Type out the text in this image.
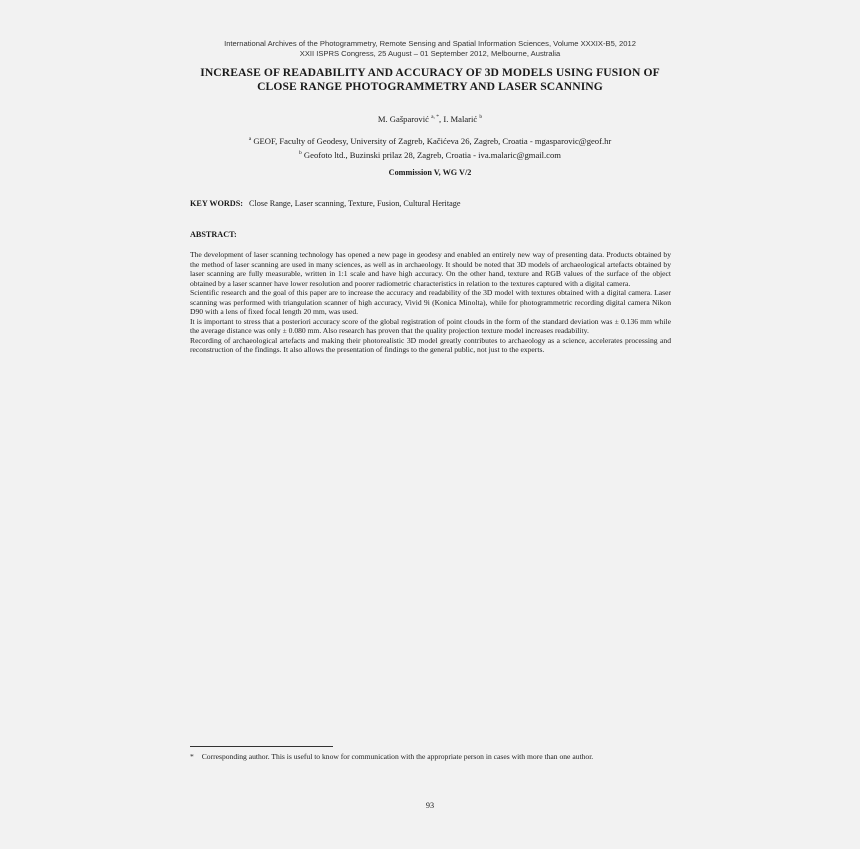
International Archives of the Photogrammetry, Remote Sensing and Spatial Information Sciences, Volume XXXIX-B5, 2012
XXII ISPRS Congress, 25 August – 01 September 2012, Melbourne, Australia
INCREASE OF READABILITY AND ACCURACY OF 3D MODELS USING FUSION OF
CLOSE RANGE PHOTOGRAMMETRY AND LASER SCANNING
M. Gašparović $^{a, *}$, I. Malarić $^b$
$^a$ GEOF, Faculty of Geodesy, University of Zagreb, Kačićeva 26, Zagreb, Croatia - mgasparovic@geof.hr
$^b$ Geofoto ltd., Buzinski prilaz 28, Zagreb, Croatia - iva.malaric@gmail.com
Commission V, WG V/2
KEY WORDS: Close Range, Laser scanning, Texture, Fusion, Cultural Heritage
ABSTRACT:

The development of laser scanning technology has opened a new page in geodesy and enabled an entirely new way of presenting data. Products obtained by the method of laser scanning are used in many sciences, as well as in archaeology. It should be noted that 3D models of archaeological artefacts obtained by laser scanning are fully measurable, written in 1:1 scale and have high accuracy. On the other hand, texture and RGB values of the surface of the object obtained by a laser scanner have lower resolution and poorer radiometric characteristics in relation to the textures captured with a digital camera.

Scientific research and the goal of this paper are to increase the accuracy and readability of the 3D model with textures obtained with a digital camera. Laser scanning was performed with triangulation scanner of high accuracy, Vivid 9i (Konica Minolta), while for photogrammetric recording digital camera Nikon D90 with a lens of fixed focal length 20 mm, was used.

It is important to stress that a posteriori accuracy score of the global registration of point clouds in the form of the standard deviation was ± 0.136 mm while the average distance was only ± 0.080 mm. Also research has proven that the quality projection texture model increases readability.

Recording of archaeological artefacts and making their photorealistic 3D model greatly contributes to archaeology as a science, accelerates processing and reconstruction of the findings. It also allows the presentation of findings to the general public, not just to the experts.

* Corresponding author. This is useful to know for communication with the appropriate person in cases with more than one author.
93
